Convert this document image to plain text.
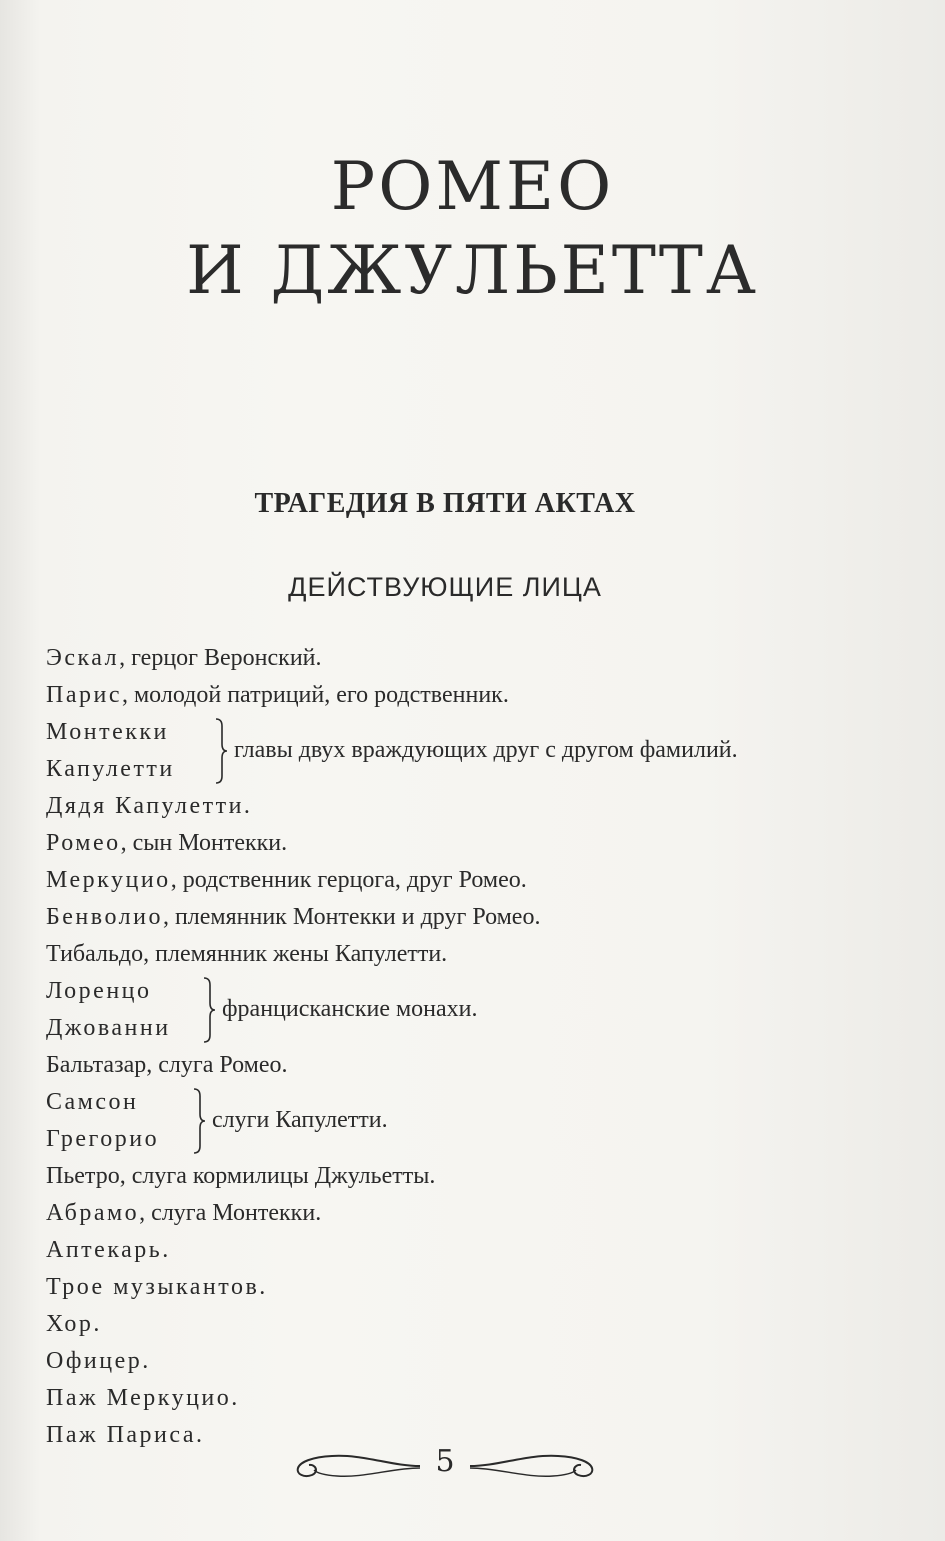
РОМЕО
И ДЖУЛЬЕТТА
ТРАГЕДИЯ В ПЯТИ АКТАХ
ДЕЙСТВУЮЩИЕ ЛИЦА
Эскал, герцог Веронский.
Парис, молодой патриций, его родственник.
Монтекки
Капулетти
главы двух враждующих друг с другом фамилий.
Дядя Капулетти.
Ромео, сын Монтекки.
Меркуцио, родственник герцога, друг Ромео.
Бенволио, племянник Монтекки и друг Ромео.
Тибальдо, племянник жены Капулетти.
Лоренцо
Джованни
францисканские монахи.
Бальтазар, слуга Ромео.
Самсон
Грегорио
слуги Капулетти.
Пьетро, слуга кормилицы Джульетты.
Абрамо, слуга Монтекки.
Аптекарь.
Трое музыкантов.
Хор.
Офицер.
Паж Меркуцио.
Паж Париса.
5
